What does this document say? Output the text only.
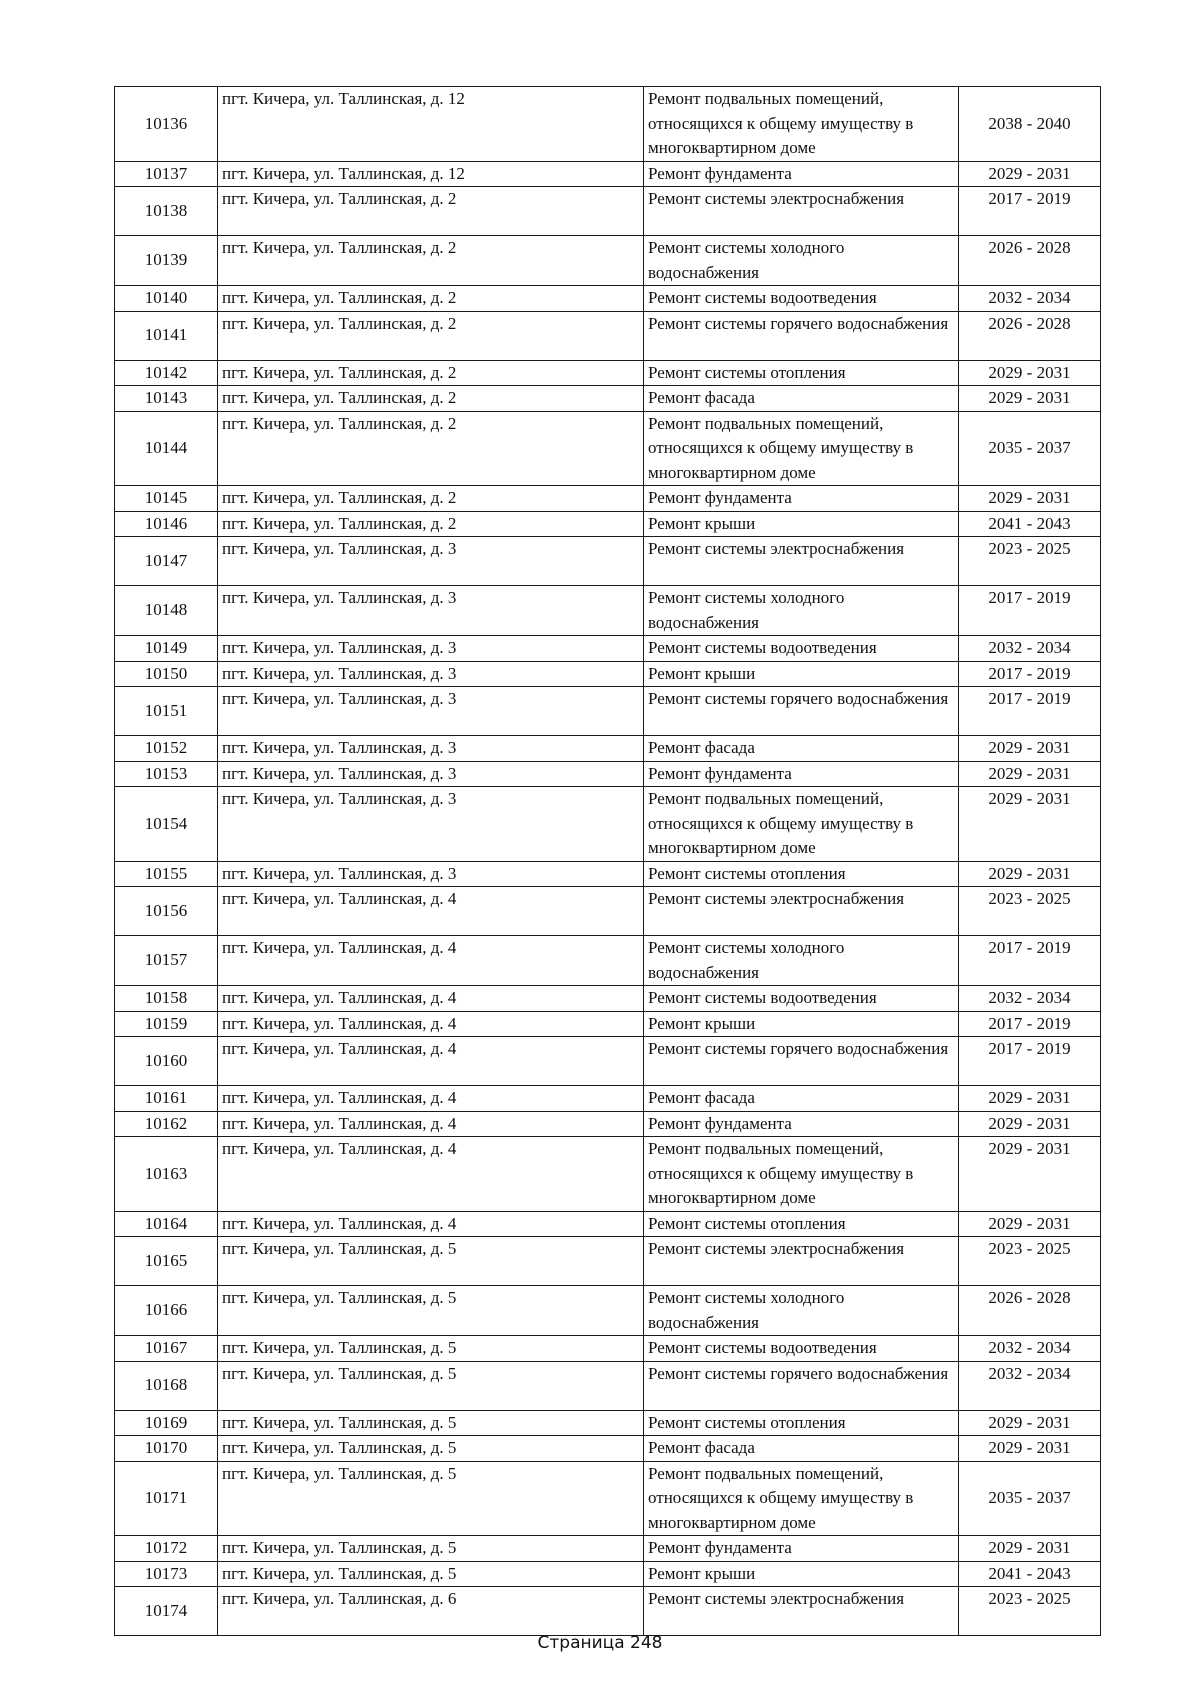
10136	пгт. Кичера, ул. Таллинская, д. 12	Ремонт подвальных помещений, относящихся к общему имуществу в многоквартирном доме	2038 - 2040
10137	пгт. Кичера, ул. Таллинская, д. 12	Ремонт фундамента	2029 - 2031
10138	пгт. Кичера, ул. Таллинская, д. 2	Ремонт системы электроснабжения	2017 - 2019
10139	пгт. Кичера, ул. Таллинская, д. 2	Ремонт системы холодного водоснабжения	2026 - 2028
10140	пгт. Кичера, ул. Таллинская, д. 2	Ремонт системы водоотведения	2032 - 2034
10141	пгт. Кичера, ул. Таллинская, д. 2	Ремонт системы горячего водоснабжения	2026 - 2028
10142	пгт. Кичера, ул. Таллинская, д. 2	Ремонт системы отопления	2029 - 2031
10143	пгт. Кичера, ул. Таллинская, д. 2	Ремонт фасада	2029 - 2031
10144	пгт. Кичера, ул. Таллинская, д. 2	Ремонт подвальных помещений, относящихся к общему имуществу в многоквартирном доме	2035 - 2037
10145	пгт. Кичера, ул. Таллинская, д. 2	Ремонт фундамента	2029 - 2031
10146	пгт. Кичера, ул. Таллинская, д. 2	Ремонт крыши	2041 - 2043
10147	пгт. Кичера, ул. Таллинская, д. 3	Ремонт системы электроснабжения	2023 - 2025
10148	пгт. Кичера, ул. Таллинская, д. 3	Ремонт системы холодного водоснабжения	2017 - 2019
10149	пгт. Кичера, ул. Таллинская, д. 3	Ремонт системы водоотведения	2032 - 2034
10150	пгт. Кичера, ул. Таллинская, д. 3	Ремонт крыши	2017 - 2019
10151	пгт. Кичера, ул. Таллинская, д. 3	Ремонт системы горячего водоснабжения	2017 - 2019
10152	пгт. Кичера, ул. Таллинская, д. 3	Ремонт фасада	2029 - 2031
10153	пгт. Кичера, ул. Таллинская, д. 3	Ремонт фундамента	2029 - 2031
10154	пгт. Кичера, ул. Таллинская, д. 3	Ремонт подвальных помещений, относящихся к общему имуществу в многоквартирном доме	2029 - 2031
10155	пгт. Кичера, ул. Таллинская, д. 3	Ремонт системы отопления	2029 - 2031
10156	пгт. Кичера, ул. Таллинская, д. 4	Ремонт системы электроснабжения	2023 - 2025
10157	пгт. Кичера, ул. Таллинская, д. 4	Ремонт системы холодного водоснабжения	2017 - 2019
10158	пгт. Кичера, ул. Таллинская, д. 4	Ремонт системы водоотведения	2032 - 2034
10159	пгт. Кичера, ул. Таллинская, д. 4	Ремонт крыши	2017 - 2019
10160	пгт. Кичера, ул. Таллинская, д. 4	Ремонт системы горячего водоснабжения	2017 - 2019
10161	пгт. Кичера, ул. Таллинская, д. 4	Ремонт фасада	2029 - 2031
10162	пгт. Кичера, ул. Таллинская, д. 4	Ремонт фундамента	2029 - 2031
10163	пгт. Кичера, ул. Таллинская, д. 4	Ремонт подвальных помещений, относящихся к общему имуществу в многоквартирном доме	2029 - 2031
10164	пгт. Кичера, ул. Таллинская, д. 4	Ремонт системы отопления	2029 - 2031
10165	пгт. Кичера, ул. Таллинская, д. 5	Ремонт системы электроснабжения	2023 - 2025
10166	пгт. Кичера, ул. Таллинская, д. 5	Ремонт системы холодного водоснабжения	2026 - 2028
10167	пгт. Кичера, ул. Таллинская, д. 5	Ремонт системы водоотведения	2032 - 2034
10168	пгт. Кичера, ул. Таллинская, д. 5	Ремонт системы горячего водоснабжения	2032 - 2034
10169	пгт. Кичера, ул. Таллинская, д. 5	Ремонт системы отопления	2029 - 2031
10170	пгт. Кичера, ул. Таллинская, д. 5	Ремонт фасада	2029 - 2031
10171	пгт. Кичера, ул. Таллинская, д. 5	Ремонт подвальных помещений, относящихся к общему имуществу в многоквартирном доме	2035 - 2037
10172	пгт. Кичера, ул. Таллинская, д. 5	Ремонт фундамента	2029 - 2031
10173	пгт. Кичера, ул. Таллинская, д. 5	Ремонт крыши	2041 - 2043
10174	пгт. Кичера, ул. Таллинская, д. 6	Ремонт системы электроснабжения	2023 - 2025
Страница 248
